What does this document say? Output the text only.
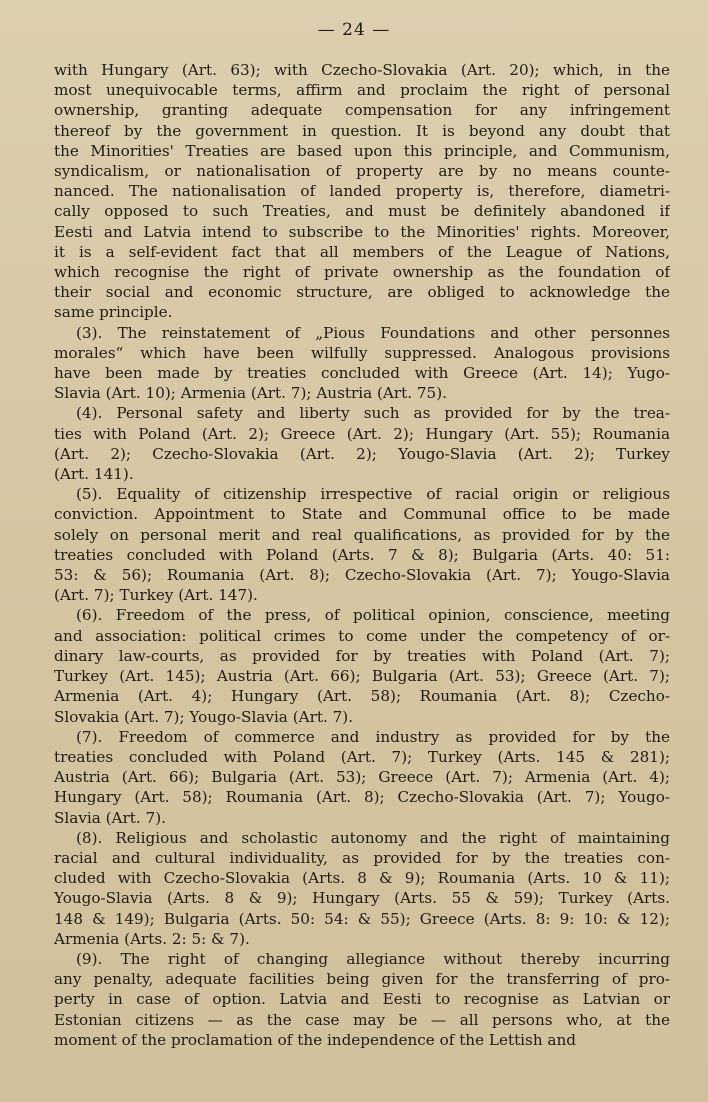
— 24 —

with Hungary (Art. 63); with Czecho-Slovakia (Art. 20); which, in the
most unequivocable terms, affirm and proclaim the right of personal
ownership, granting adequate compensation for any infringement
thereof by the government in question. It is beyond any doubt that
the Minorities' Treaties are based upon this principle, and Communism,
syndicalism, or nationalisation of property are by no means counte-
nanced. The nationalisation of landed property is, therefore, diametri-
cally opposed to such Treaties, and must be definitely abandoned if
Eesti and Latvia intend to subscribe to the Minorities' rights. Moreover,
it is a self-evident fact that all members of the League of Nations,
which recognise the right of private ownership as the foundation of
their social and economic structure, are obliged to acknowledge the
same principle.

(3). The reinstatement of „Pious Foundations and other personnes
morales“ which have been wilfully suppressed. Analogous provisions
have been made by treaties concluded with Greece (Art. 14); Yugo-
Slavia (Art. 10); Armenia (Art. 7); Austria (Art. 75).

(4). Personal safety and liberty such as provided for by the trea-
ties with Poland (Art. 2); Greece (Art. 2); Hungary (Art. 55); Roumania
(Art. 2); Czecho-Slovakia (Art. 2); Yougo-Slavia (Art. 2); Turkey
(Art. 141).

(5). Equality of citizenship irrespective of racial origin or religious
conviction. Appointment to State and Communal office to be made
solely on personal merit and real qualifications, as provided for by the
treaties concluded with Poland (Arts. 7 & 8); Bulgaria (Arts. 40: 51:
53: & 56); Roumania (Art. 8); Czecho-Slovakia (Art. 7); Yougo-Slavia
(Art. 7); Turkey (Art. 147).

(6). Freedom of the press, of political opinion, conscience, meeting
and association: political crimes to come under the competency of or-
dinary law-courts, as provided for by treaties with Poland (Art. 7);
Turkey (Art. 145); Austria (Art. 66); Bulgaria (Art. 53); Greece (Art. 7);
Armenia (Art. 4); Hungary (Art. 58); Roumania (Art. 8); Czecho-
Slovakia (Art. 7); Yougo-Slavia (Art. 7).

(7). Freedom of commerce and industry as provided for by the
treaties concluded with Poland (Art. 7); Turkey (Arts. 145 & 281);
Austria (Art. 66); Bulgaria (Art. 53); Greece (Art. 7); Armenia (Art. 4);
Hungary (Art. 58); Roumania (Art. 8); Czecho-Slovakia (Art. 7); Yougo-
Slavia (Art. 7).

(8). Religious and scholastic autonomy and the right of maintaining
racial and cultural individuality, as provided for by the treaties con-
cluded with Czecho-Slovakia (Arts. 8 & 9); Roumania (Arts. 10 & 11);
Yougo-Slavia (Arts. 8 & 9); Hungary (Arts. 55 & 59); Turkey (Arts.
148 & 149); Bulgaria (Arts. 50: 54: & 55); Greece (Arts. 8: 9: 10: & 12);
Armenia (Arts. 2: 5: & 7).

(9). The right of changing allegiance without thereby incurring
any penalty, adequate facilities being given for the transferring of pro-
perty in case of option. Latvia and Eesti to recognise as Latvian or
Estonian citizens — as the case may be — all persons who, at the
moment of the proclamation of the independence of the Lettish and
